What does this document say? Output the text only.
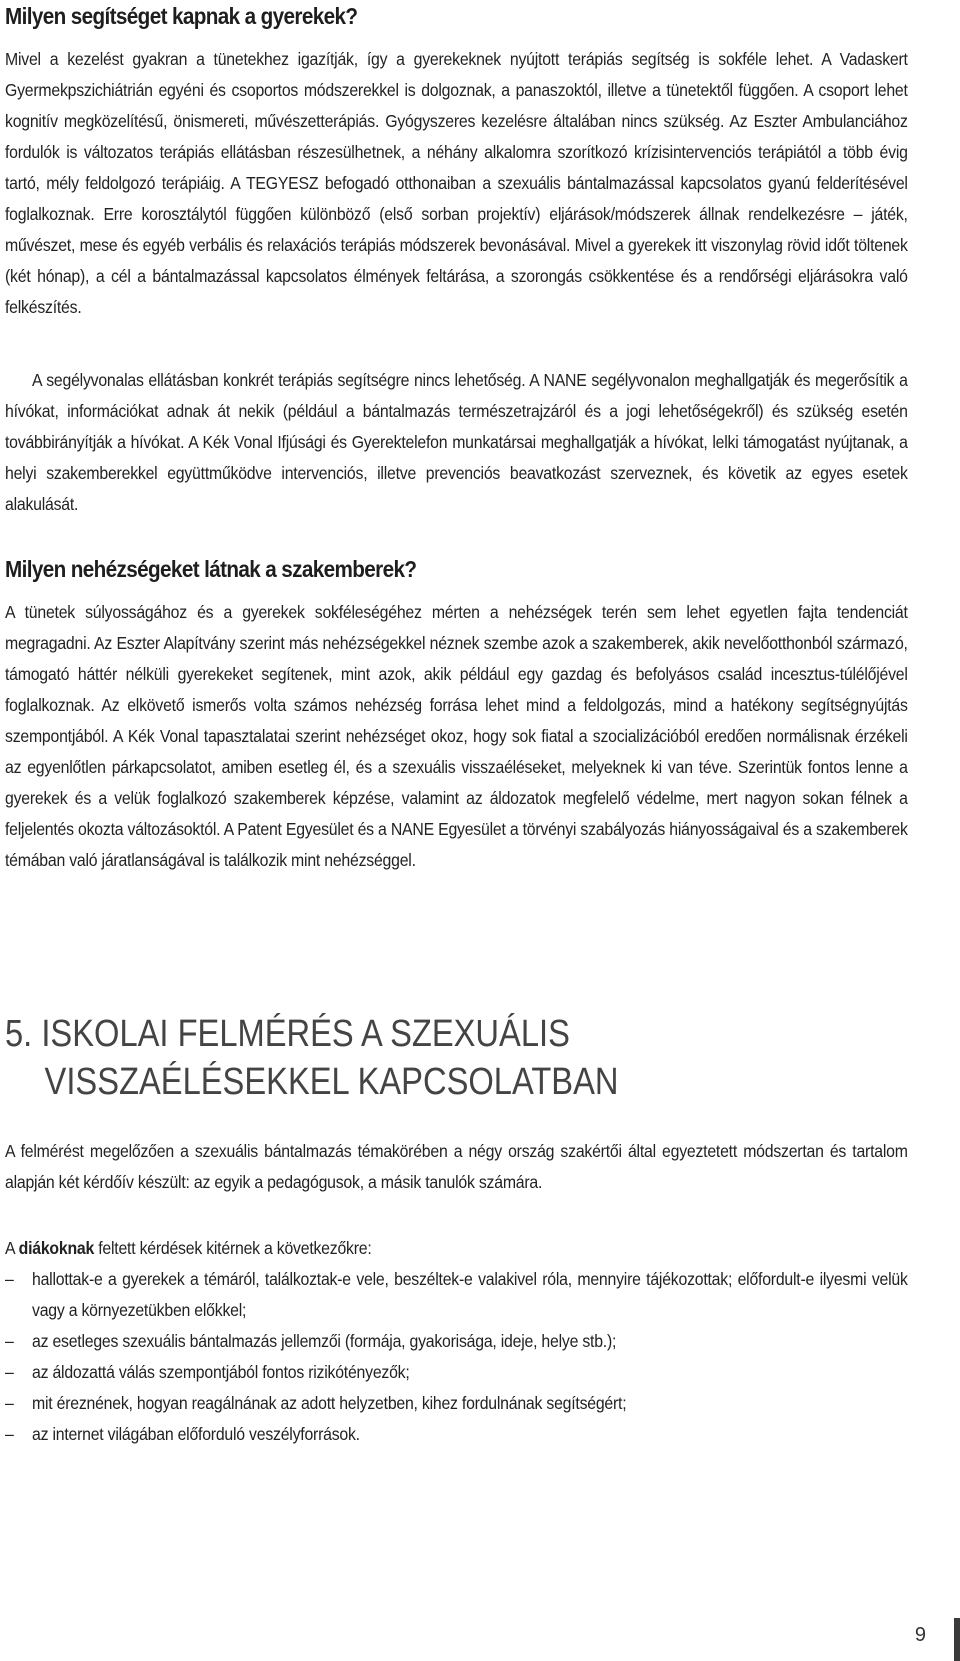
Milyen segítséget kapnak a gyerekek?

Mivel a kezelést gyakran a tünetekhez igazítják, így a gyerekeknek nyújtott terápiás segítség is sokféle lehet. A Vadaskert Gyermekpszichiátrián egyéni és csoportos módszerekkel is dolgoznak, a panaszoktól, illetve a tünetektől függően. A csoport lehet kognitív megközelítésű, önismereti, művészetterápiás. Gyógyszeres kezelésre általában nincs szükség. Az Eszter Ambulanciához fordulók is változatos terápiás ellátásban részesülhetnek, a néhány alkalomra szorítkozó krízisintervenciós terápiától a több évig tartó, mély feldolgozó terápiáig. A TEGYESZ befogadó otthonaiban a szexuális bántalmazással kapcsolatos gyanú felderítésével foglalkoznak. Erre korosztálytól függően különböző (első sorban projektív) eljárások/módszerek állnak rendelkezésre – játék, művészet, mese és egyéb verbális és relaxációs terápiás módszerek bevonásával. Mivel a gyerekek itt viszonylag rövid időt töltenek (két hónap), a cél a bántalmazással kapcsolatos élmények feltárása, a szorongás csökkentése és a rendőrségi eljárásokra való felkészítés.

A segélyvonalas ellátásban konkrét terápiás segítségre nincs lehetőség. A NANE segélyvonalon meghallgatják és megerősítik a hívókat, információkat adnak át nekik (például a bántalmazás természetrajzáról és a jogi lehetőségekről) és szükség esetén továbbirányítják a hívókat. A Kék Vonal Ifjúsági és Gyerektelefon munkatársai meghallgatják a hívókat, lelki támogatást nyújtanak, a helyi szakemberekkel együttműködve intervenciós, illetve prevenciós beavatkozást szerveznek, és követik az egyes esetek alakulását.

Milyen nehézségeket látnak a szakemberek?

A tünetek súlyosságához és a gyerekek sokféleségéhez mérten a nehézségek terén sem lehet egyetlen fajta tendenciát megragadni. Az Eszter Alapítvány szerint más nehézségekkel néznek szembe azok a szakemberek, akik nevelőotthonból származó, támogató háttér nélküli gyerekeket segítenek, mint azok, akik például egy gazdag és befolyásos család incesztus-túlélőjével foglalkoznak. Az elkövető ismerős volta számos nehézség forrása lehet mind a feldolgozás, mind a hatékony segítségnyújtás szempontjából. A Kék Vonal tapasztalatai szerint nehézséget okoz, hogy sok fiatal a szocializációból eredően normálisnak érzékeli az egyenlőtlen párkapcsolatot, amiben esetleg él, és a szexuális visszaéléseket, melyeknek ki van téve. Szerintük fontos lenne a gyerekek és a velük foglalkozó szakemberek képzése, valamint az áldozatok megfelelő védelme, mert nagyon sokan félnek a feljelentés okozta változásoktól. A Patent Egyesület és a NANE Egyesület a törvényi szabályozás hiányosságaival és a szakemberek témában való járatlanságával is találkozik mint nehézséggel.

5. ISKOLAI FELMÉRÉS A SZEXUÁLIS
VISSZAÉLÉSEKKEL KAPCSOLATBAN

A felmérést megelőzően a szexuális bántalmazás témakörében a négy ország szakértői által egyeztetett módszertan és tartalom alapján két kérdőív készült: az egyik a pedagógusok, a másik tanulók számára.

A diákoknak feltett kérdések kitérnek a következőkre:

– hallottak-e a gyerekek a témáról, találkoztak-e vele, beszéltek-e valakivel róla, mennyire tájékozottak; előfordult-e ilyesmi velük vagy a környezetükben előkkel;
– az esetleges szexuális bántalmazás jellemzői (formája, gyakorisága, ideje, helye stb.);
– az áldozattá válás szempontjából fontos rizikótényezők;
– mit éreznének, hogyan reagálnának az adott helyzetben, kihez fordulnának segítségért;
– az internet világában előforduló veszélyforrások.
9
